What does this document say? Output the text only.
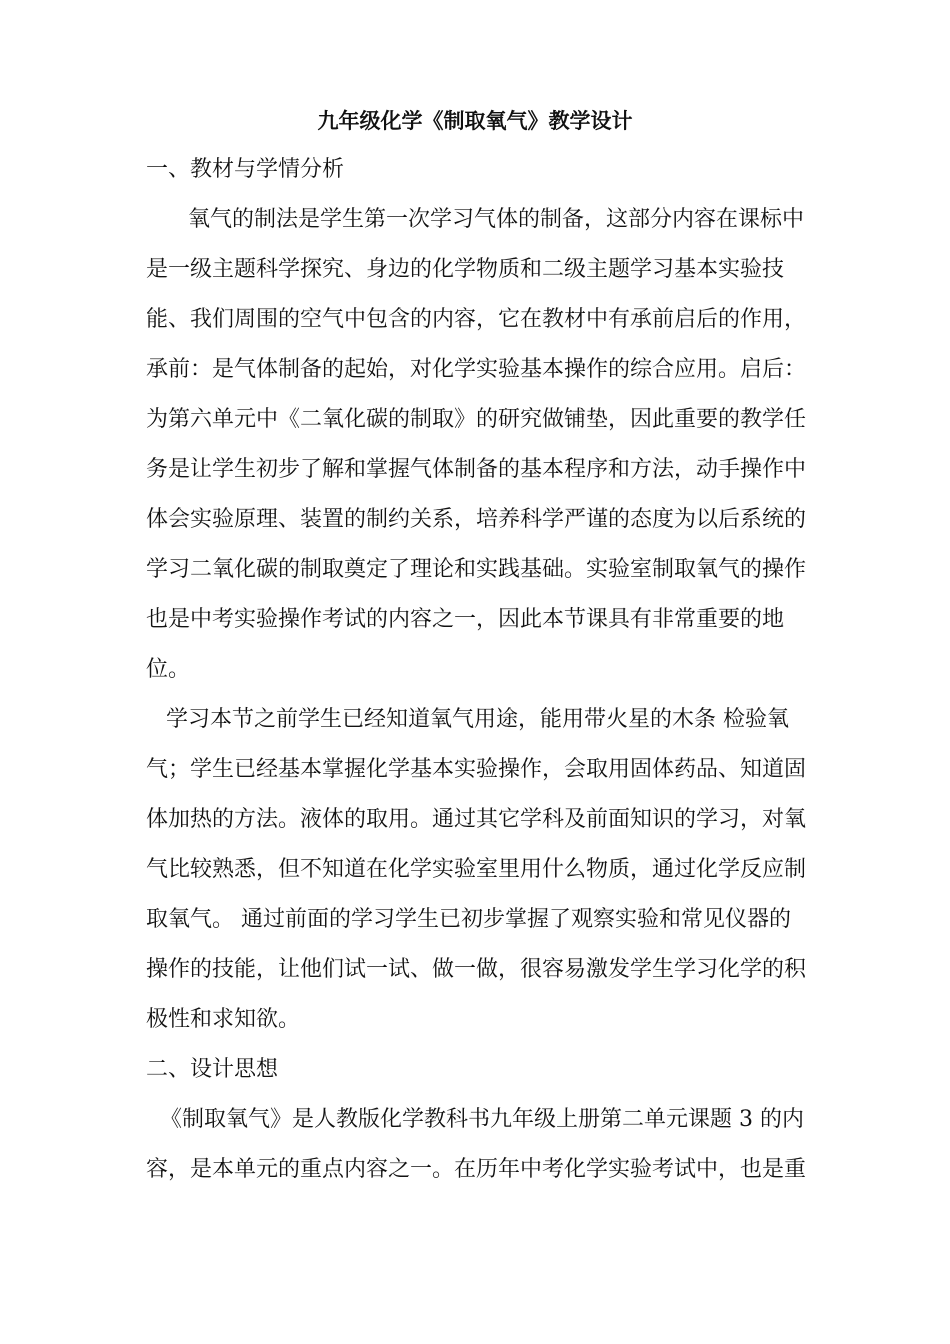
九年级化学《制取氧气》教学设计
一、教材与学情分析
氧气的制法是学生第一次学习气体的制备，这部分内容在课标中
是一级主题科学探究、身边的化学物质和二级主题学习基本实验技
能、我们周围的空气中包含的内容，它在教材中有承前启后的作用，
承前：是气体制备的起始，对化学实验基本操作的综合应用。启后：
为第六单元中《二氧化碳的制取》的研究做铺垫，因此重要的教学任
务是让学生初步了解和掌握气体制备的基本程序和方法，动手操作中
体会实验原理、装置的制约关系，培养科学严谨的态度为以后系统的
学习二氧化碳的制取奠定了理论和实践基础。实验室制取氧气的操作
也是中考实验操作考试的内容之一，因此本节课具有非常重要的地
位。
学习本节之前学生已经知道氧气用途，能用带火星的木条 检验氧
气；学生已经基本掌握化学基本实验操作，会取用固体药品、知道固
体加热的方法。液体的取用。通过其它学科及前面知识的学习，对氧
气比较熟悉，但不知道在化学实验室里用什么物质，通过化学反应制
取氧气。 通过前面的学习学生已初步掌握了观察实验和常见仪器的
操作的技能，让他们试一试、做一做，很容易激发学生学习化学的积
极性和求知欲。
二、设计思想
《制取氧气》是人教版化学教科书九年级上册第二单元课题 3 的内
容，是本单元的重点内容之一。在历年中考化学实验考试中，也是重
